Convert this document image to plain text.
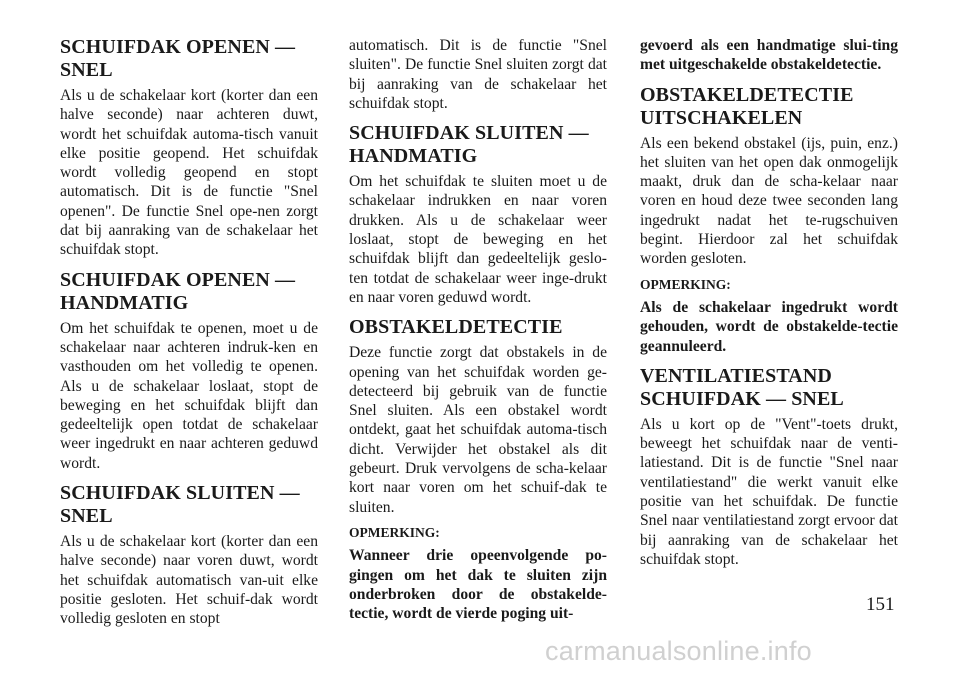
SCHUIFDAK OPENEN — SNEL

Als u de schakelaar kort (korter dan een halve seconde) naar achteren duwt, wordt het schuifdak automa-tisch vanuit elke positie geopend. Het schuifdak wordt volledig geopend en stopt automatisch. Dit is de functie "Snel openen". De functie Snel ope-nen zorgt dat bij aanraking van de schakelaar het schuifdak stopt.

SCHUIFDAK OPENEN — HANDMATIG

Om het schuifdak te openen, moet u de schakelaar naar achteren indruk-ken en vasthouden om het volledig te openen. Als u de schakelaar loslaat, stopt de beweging en het schuifdak blijft dan gedeeltelijk open totdat de schakelaar weer ingedrukt en naar achteren geduwd wordt.

SCHUIFDAK SLUITEN — SNEL

Als u de schakelaar kort (korter dan een halve seconde) naar voren duwt, wordt het schuifdak automatisch van-uit elke positie gesloten. Het schuif-dak wordt volledig gesloten en stopt

automatisch. Dit is de functie "Snel sluiten". De functie Snel sluiten zorgt dat bij aanraking van de schakelaar het schuifdak stopt.

SCHUIFDAK SLUITEN — HANDMATIG

Om het schuifdak te sluiten moet u de schakelaar indrukken en naar voren drukken. Als u de schakelaar weer loslaat, stopt de beweging en het schuifdak blijft dan gedeeltelijk geslo-ten totdat de schakelaar weer inge-drukt en naar voren geduwd wordt.

OBSTAKELDETECTIE

Deze functie zorgt dat obstakels in de opening van het schuifdak worden ge-detecteerd bij gebruik van de functie Snel sluiten. Als een obstakel wordt ontdekt, gaat het schuifdak automa-tisch dicht. Verwijder het obstakel als dit gebeurt. Druk vervolgens de scha-kelaar kort naar voren om het schuif-dak te sluiten.

OPMERKING:

Wanneer drie opeenvolgende po-gingen om het dak te sluiten zijn onderbroken door de obstakelde-tectie, wordt de vierde poging uit-

gevoerd als een handmatige slui-ting met uitgeschakelde obstakeldetectie.

OBSTAKELDETECTIE UITSCHAKELEN

Als een bekend obstakel (ijs, puin, enz.) het sluiten van het open dak onmogelijk maakt, druk dan de scha-kelaar naar voren en houd deze twee seconden lang ingedrukt nadat het te-rugschuiven begint. Hierdoor zal het schuifdak worden gesloten.

OPMERKING:

Als de schakelaar ingedrukt wordt gehouden, wordt de obstakelde-tectie geannuleerd.

VENTILATIESTAND SCHUIFDAK — SNEL

Als u kort op de "Vent"-toets drukt, beweegt het schuifdak naar de venti-latiestand. Dit is de functie "Snel naar ventilatiestand" die werkt vanuit elke positie van het schuifdak. De functie Snel naar ventilatiestand zorgt ervoor dat bij aanraking van de schakelaar het schuifdak stopt.

151
carmanualsonline.info
